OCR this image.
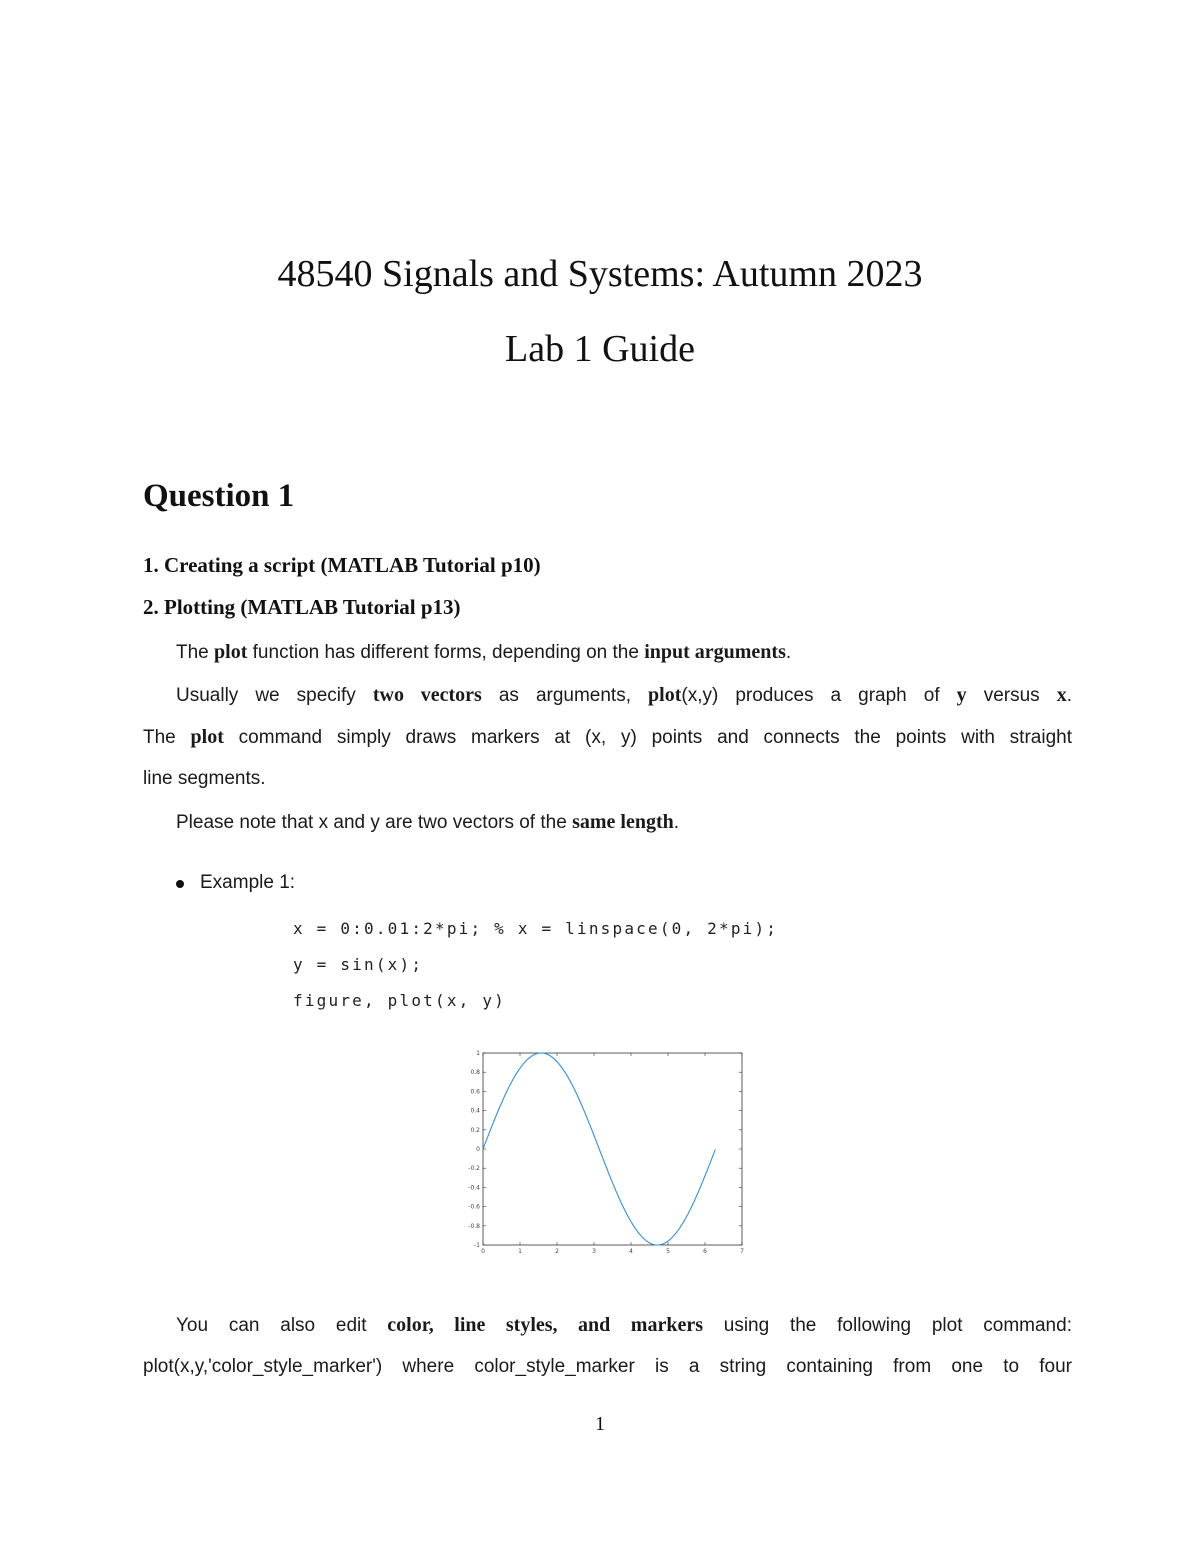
48540 Signals and Systems: Autumn 2023
Lab 1 Guide
Question 1
1. Creating a script (MATLAB Tutorial p10)
2. Plotting (MATLAB Tutorial p13)
The plot function has different forms, depending on the input arguments.
Usually we specify two vectors as arguments, plot(x,y) produces a graph of y versus x.
The plot command simply draws markers at (x, y) points and connects the points with straight
line segments.
Please note that x and y are two vectors of the same length.
Example 1:
x = 0:0.01:2*pi; % x = linspace(0, 2*pi);
y = sin(x);
figure, plot(x, y)
0	1	2	3	4	5	6	7
1
0.8
0.6
0.4
0.2
0
-0.2
-0.4
-0.6
-0.8
-1
You can also edit color, line styles, and markers using the following plot command:
plot(x,y,'color_style_marker') where color_style_marker is a string containing from one to four
1
